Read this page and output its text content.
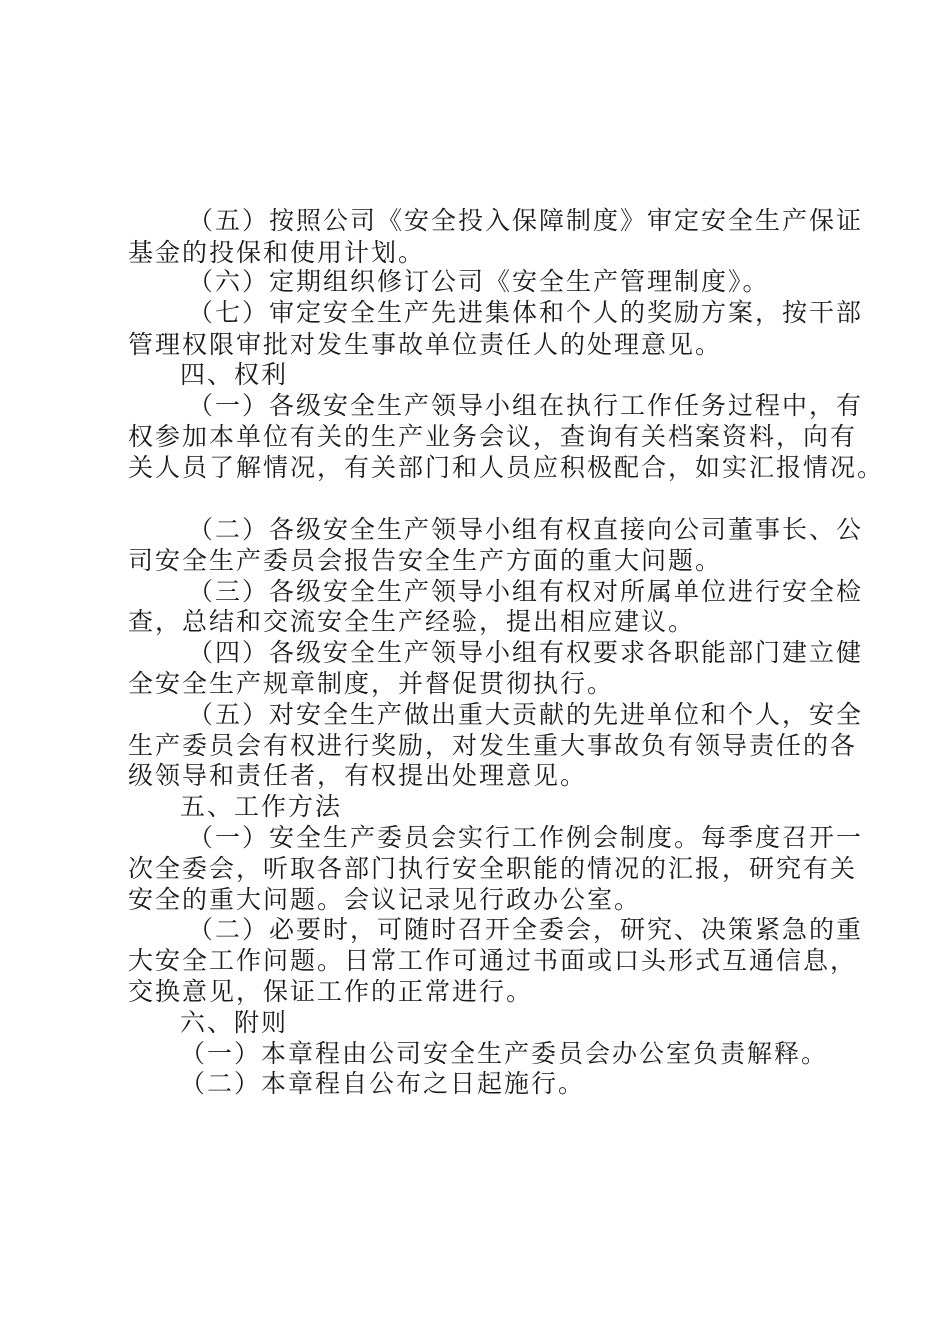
（五）按照公司《安全投入保障制度》审定安全生产保证
基金的投保和使用计划。
（六）定期组织修订公司《安全生产管理制度》。
（七）审定安全生产先进集体和个人的奖励方案，按干部
管理权限审批对发生事故单位责任人的处理意见。
四、权利
（一）各级安全生产领导小组在执行工作任务过程中，有
权参加本单位有关的生产业务会议，查询有关档案资料，向有
关人员了解情况，有关部门和人员应积极配合，如实汇报情况。
（二）各级安全生产领导小组有权直接向公司董事长、公
司安全生产委员会报告安全生产方面的重大问题。
（三）各级安全生产领导小组有权对所属单位进行安全检
查，总结和交流安全生产经验，提出相应建议。
（四）各级安全生产领导小组有权要求各职能部门建立健
全安全生产规章制度，并督促贯彻执行。
（五）对安全生产做出重大贡献的先进单位和个人，安全
生产委员会有权进行奖励，对发生重大事故负有领导责任的各
级领导和责任者，有权提出处理意见。
五、工作方法
（一）安全生产委员会实行工作例会制度。每季度召开一
次全委会，听取各部门执行安全职能的情况的汇报，研究有关
安全的重大问题。会议记录见行政办公室。
（二）必要时，可随时召开全委会，研究、决策紧急的重
大安全工作问题。日常工作可通过书面或口头形式互通信息，
交换意见，保证工作的正常进行。
六、附则
（一）本章程由公司安全生产委员会办公室负责解释。
（二）本章程自公布之日起施行。
